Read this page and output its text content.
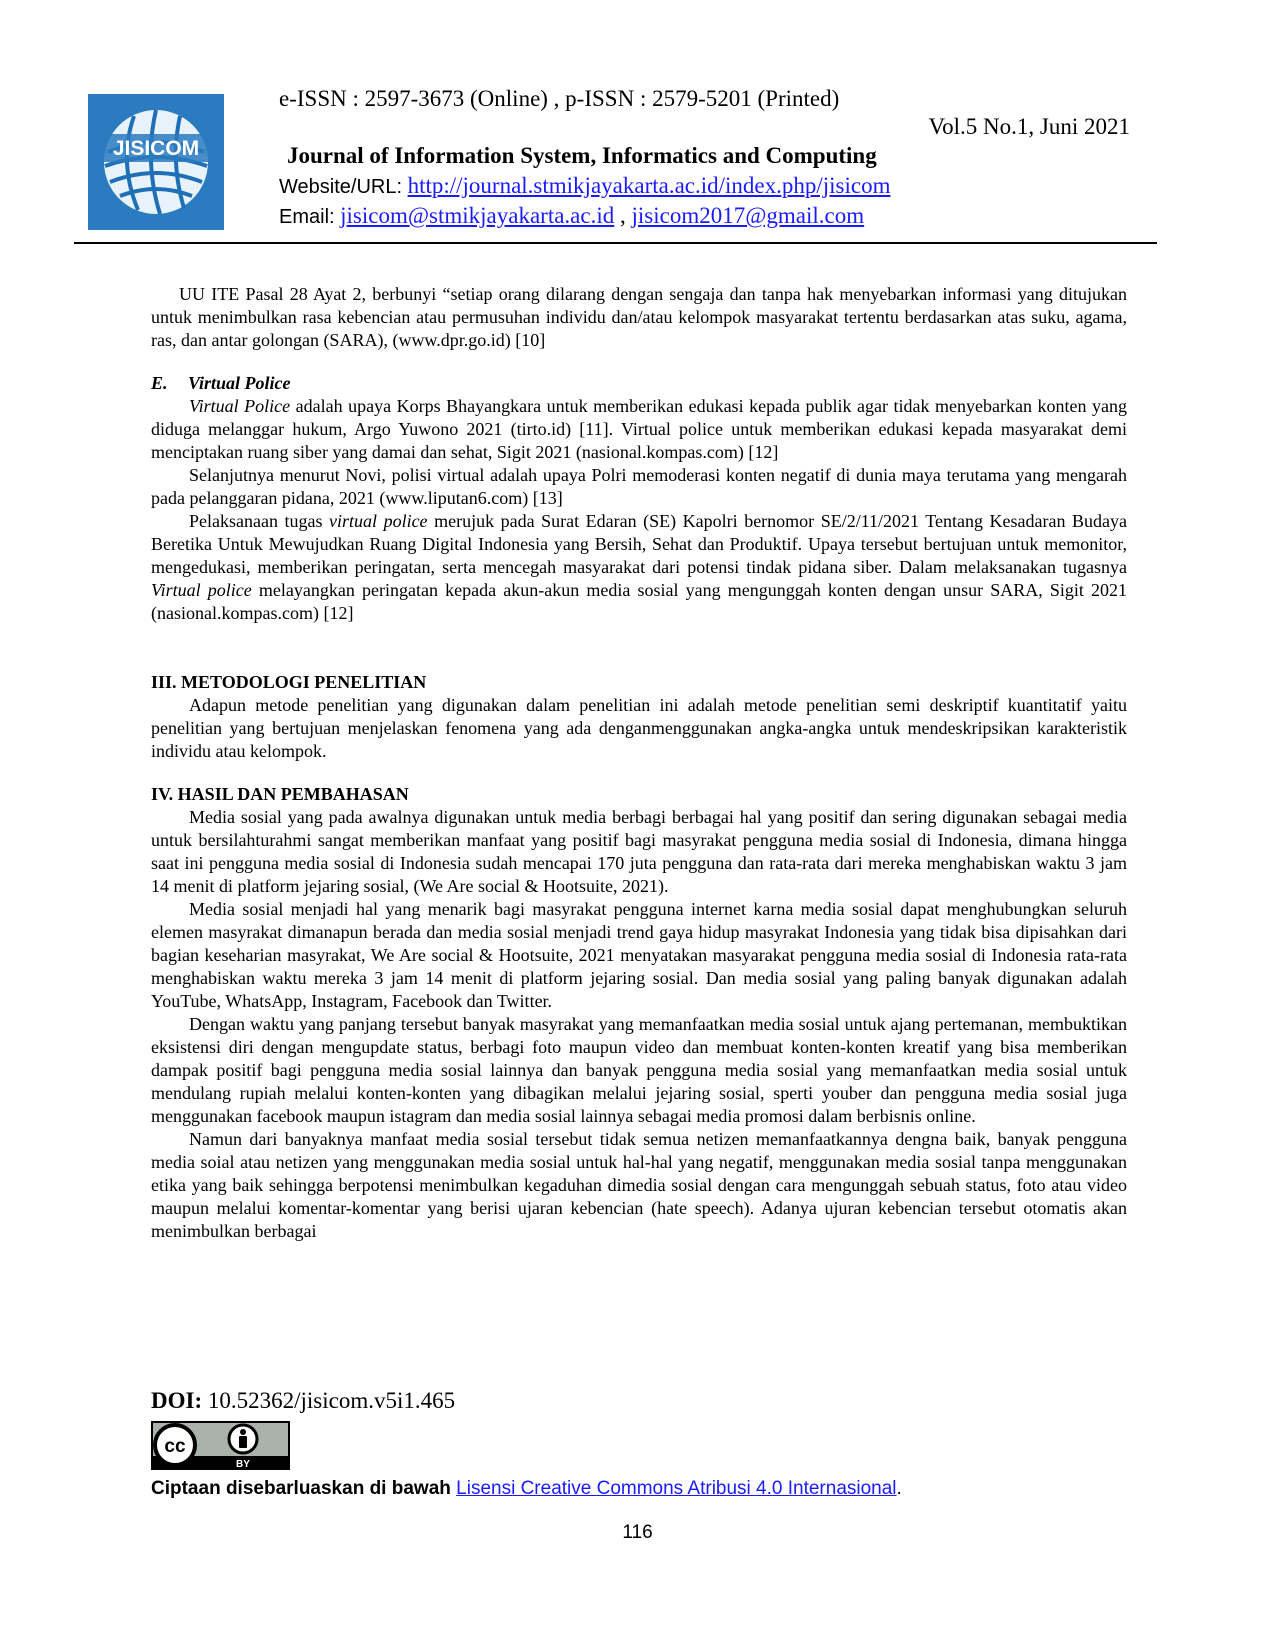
JISICOM
e-ISSN : 2597-3673 (Online) , p-ISSN : 2579-5201 (Printed)
Vol.5 No.1, Juni 2021
Journal of Information System, Informatics and Computing
Website/URL: http://journal.stmikjayakarta.ac.id/index.php/jisicom
Email: jisicom@stmikjayakarta.ac.id , jisicom2017@gmail.com

UU ITE Pasal 28 Ayat 2, berbunyi “setiap orang dilarang dengan sengaja dan tanpa hak menyebarkan informasi yang ditujukan untuk menimbulkan rasa kebencian atau permusuhan individu dan/atau kelompok masyarakat tertentu berdasarkan atas suku, agama, ras, dan antar golongan (SARA), (www.dpr.go.id) [10]

E. Virtual Police

Virtual Police adalah upaya Korps Bhayangkara untuk memberikan edukasi kepada publik agar tidak menyebarkan konten yang diduga melanggar hukum, Argo Yuwono 2021 (tirto.id) [11]. Virtual police untuk memberikan edukasi kepada masyarakat demi menciptakan ruang siber yang damai dan sehat, Sigit 2021 (nasional.kompas.com) [12]

Selanjutnya menurut Novi, polisi virtual adalah upaya Polri memoderasi konten negatif di dunia maya terutama yang mengarah pada pelanggaran pidana, 2021 (www.liputan6.com) [13]

Pelaksanaan tugas virtual police merujuk pada Surat Edaran (SE) Kapolri bernomor SE/2/11/2021 Tentang Kesadaran Budaya Beretika Untuk Mewujudkan Ruang Digital Indonesia yang Bersih, Sehat dan Produktif. Upaya tersebut bertujuan untuk memonitor, mengedukasi, memberikan peringatan, serta mencegah masyarakat dari potensi tindak pidana siber. Dalam melaksanakan tugasnya Virtual police melayangkan peringatan kepada akun-akun media sosial yang mengunggah konten dengan unsur SARA, Sigit 2021 (nasional.kompas.com) [12]

III. METODOLOGI PENELITIAN

Adapun metode penelitian yang digunakan dalam penelitian ini adalah metode penelitian semi deskriptif kuantitatif yaitu penelitian yang bertujuan menjelaskan fenomena yang ada denganmenggunakan angka-angka untuk mendeskripsikan karakteristik individu atau kelompok.

IV. HASIL DAN PEMBAHASAN

Media sosial yang pada awalnya digunakan untuk media berbagi berbagai hal yang positif dan sering digunakan sebagai media untuk bersilahturahmi sangat memberikan manfaat yang positif bagi masyrakat pengguna media sosial di Indonesia, dimana hingga saat ini pengguna media sosial di Indonesia sudah mencapai 170 juta pengguna dan rata-rata dari mereka menghabiskan waktu 3 jam 14 menit di platform jejaring sosial, (We Are social & Hootsuite, 2021).

Media sosial menjadi hal yang menarik bagi masyrakat pengguna internet karna media sosial dapat menghubungkan seluruh elemen masyrakat dimanapun berada dan media sosial menjadi trend gaya hidup masyrakat Indonesia yang tidak bisa dipisahkan dari bagian keseharian masyrakat, We Are social & Hootsuite, 2021 menyatakan masyarakat pengguna media sosial di Indonesia rata-rata menghabiskan waktu mereka 3 jam 14 menit di platform jejaring sosial. Dan media sosial yang paling banyak digunakan adalah YouTube, WhatsApp, Instagram, Facebook dan Twitter.

Dengan waktu yang panjang tersebut banyak masyrakat yang memanfaatkan media sosial untuk ajang pertemanan, membuktikan eksistensi diri dengan mengupdate status, berbagi foto maupun video dan membuat konten-konten kreatif yang bisa memberikan dampak positif bagi pengguna media sosial lainnya dan banyak pengguna media sosial yang memanfaatkan media sosial untuk mendulang rupiah melalui konten-konten yang dibagikan melalui jejaring sosial, sperti youber dan pengguna media sosial juga menggunakan facebook maupun istagram dan media sosial lainnya sebagai media promosi dalam berbisnis online.

Namun dari banyaknya manfaat media sosial tersebut tidak semua netizen memanfaatkannya dengna baik, banyak pengguna media soial atau netizen yang menggunakan media sosial untuk hal-hal yang negatif, menggunakan media sosial tanpa menggunakan etika yang baik sehingga berpotensi menimbulkan kegaduhan dimedia sosial dengan cara mengunggah sebuah status, foto atau video maupun melalui komentar-komentar yang berisi ujaran kebencian (hate speech). Adanya ujuran kebencian tersebut otomatis akan menimbulkan berbagai

DOI: 10.52362/jisicom.v5i1.465
cc
BY
Ciptaan disebarluaskan di bawah Lisensi Creative Commons Atribusi 4.0 Internasional.
116
